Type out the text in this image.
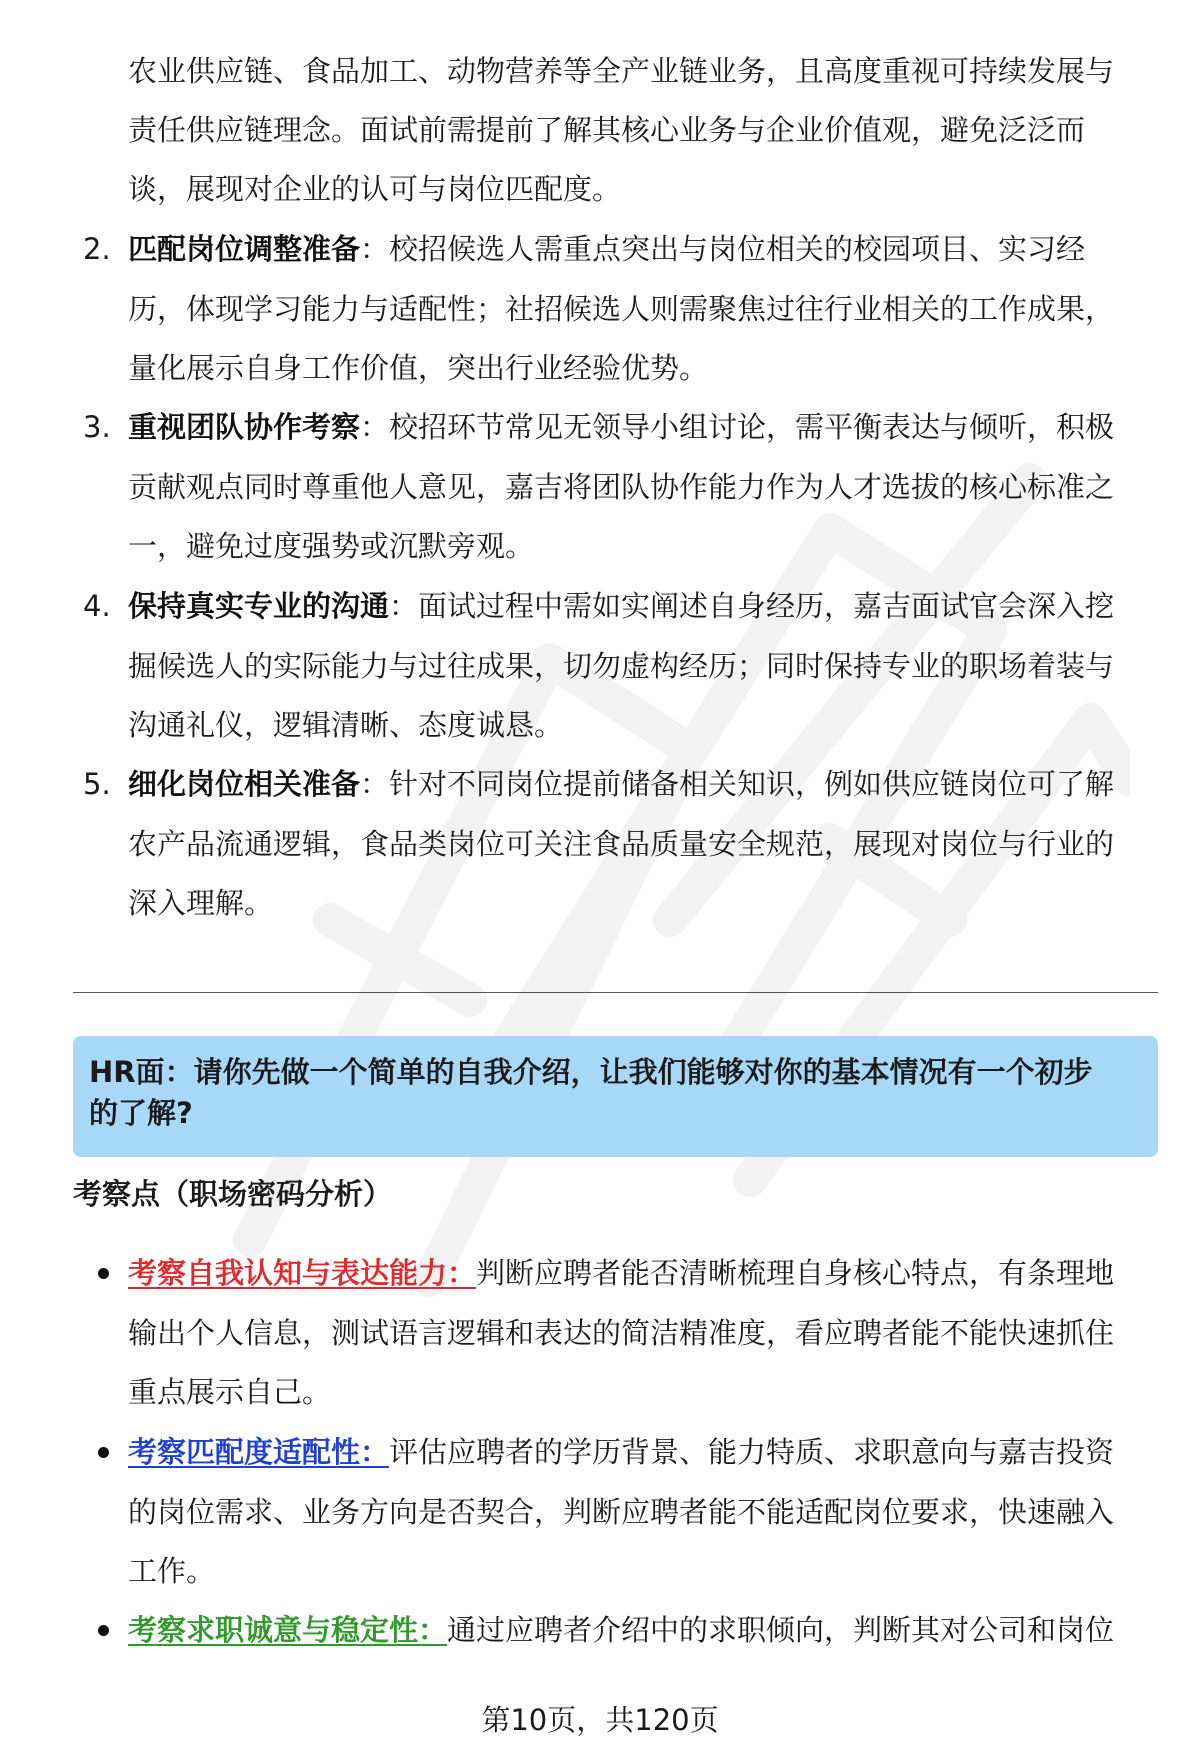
农业供应链、食品加工、动物营养等全产业链业务，且高度重视可持续发展与
责任供应链理念。面试前需提前了解其核心业务与企业价值观，避免泛泛而
谈，展现对企业的认可与岗位匹配度。
2. 匹配岗位调整准备：校招候选人需重点突出与岗位相关的校园项目、实习经
历，体现学习能力与适配性；社招候选人则需聚焦过往行业相关的工作成果，
量化展示自身工作价值，突出行业经验优势。
3. 重视团队协作考察：校招环节常见无领导小组讨论，需平衡表达与倾听，积极
贡献观点同时尊重他人意见，嘉吉将团队协作能力作为人才选拔的核心标准之
一，避免过度强势或沉默旁观。
4. 保持真实专业的沟通：面试过程中需如实阐述自身经历，嘉吉面试官会深入挖
掘候选人的实际能力与过往成果，切勿虚构经历；同时保持专业的职场着装与
沟通礼仪，逻辑清晰、态度诚恳。
5. 细化岗位相关准备：针对不同岗位提前储备相关知识，例如供应链岗位可了解
农产品流通逻辑，食品类岗位可关注食品质量安全规范，展现对岗位与行业的
深入理解。

HR面：请你先做一个简单的自我介绍，让我们能够对你的基本情况有一个初步
的了解?

考察点（职场密码分析）

考察自我认知与表达能力：判断应聘者能否清晰梳理自身核心特点，有条理地
输出个人信息，测试语言逻辑和表达的简洁精准度，看应聘者能不能快速抓住
重点展示自己。
考察匹配度适配性：评估应聘者的学历背景、能力特质、求职意向与嘉吉投资
的岗位需求、业务方向是否契合，判断应聘者能不能适配岗位要求，快速融入
工作。
考察求职诚意与稳定性：通过应聘者介绍中的求职倾向，判断其对公司和岗位
第10页，共120页
